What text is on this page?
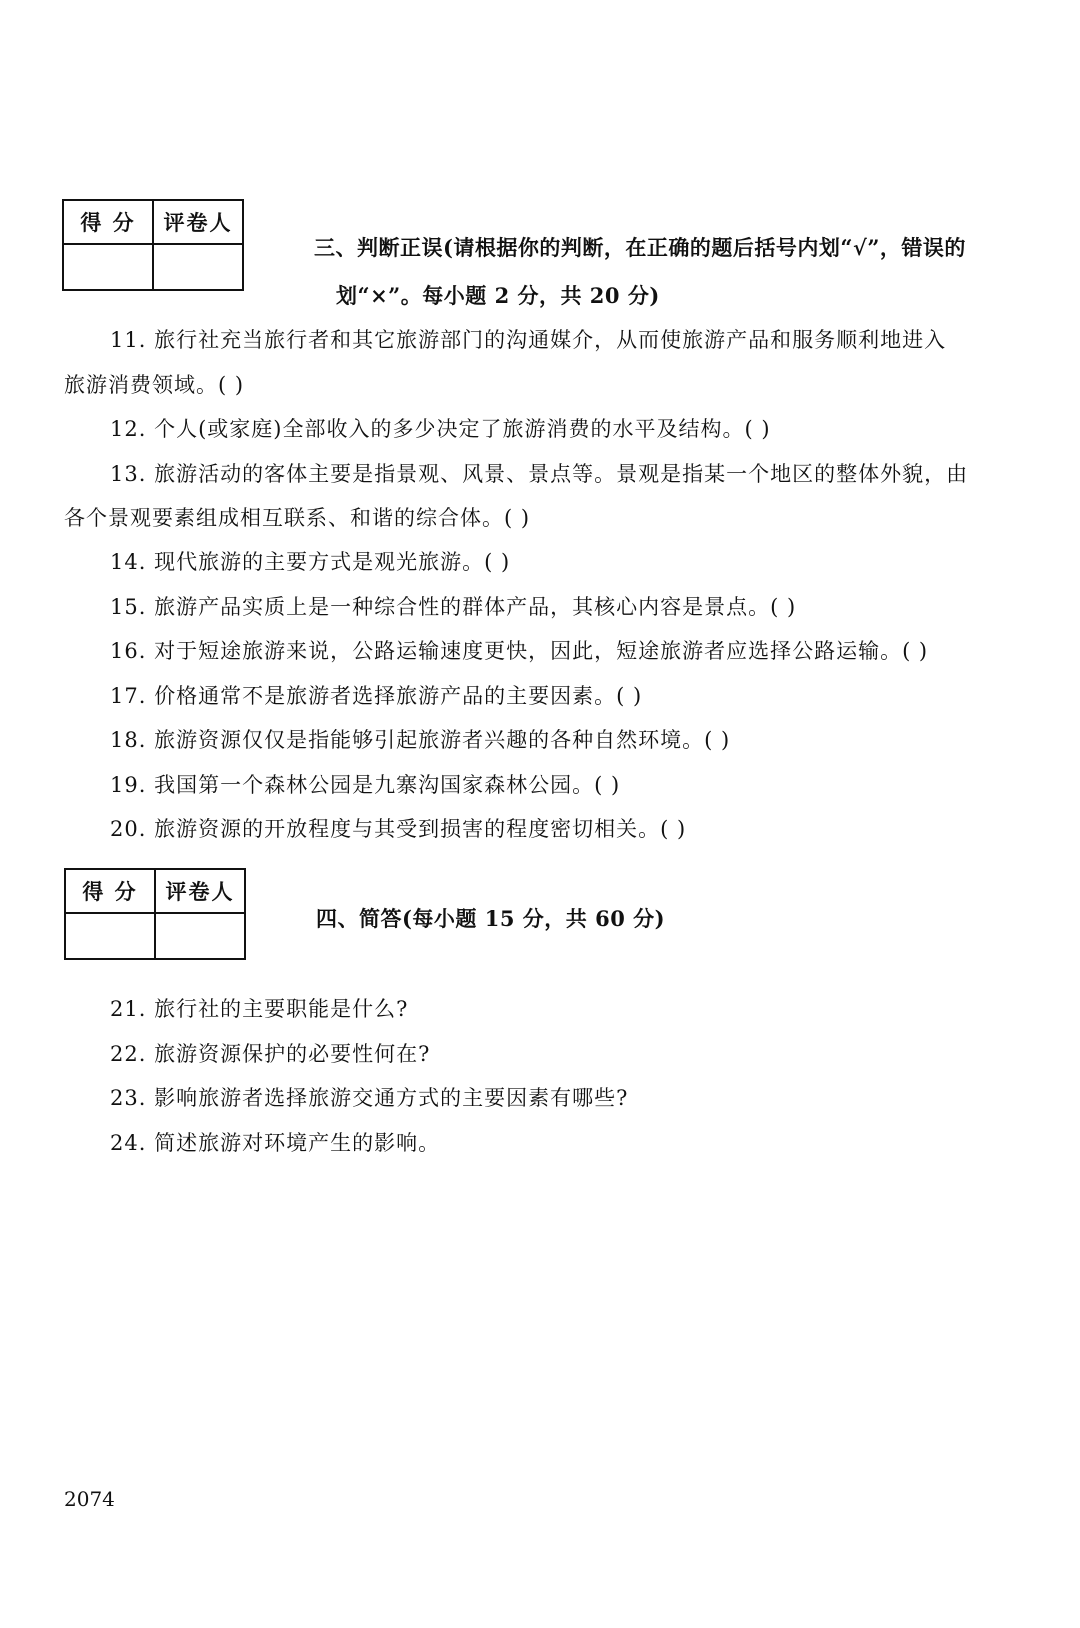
得 分	评卷人

三、判断正误(请根据你的判断，在正确的题后括号内划“√”，错误的
划“×”。每小题 2 分，共 20 分)
11. 旅行社充当旅行者和其它旅游部门的沟通媒介，从而使旅游产品和服务顺利地进入
旅游消费领域。( )
12. 个人(或家庭)全部收入的多少决定了旅游消费的水平及结构。( )
13. 旅游活动的客体主要是指景观、风景、景点等。景观是指某一个地区的整体外貌，由
各个景观要素组成相互联系、和谐的综合体。( )
14. 现代旅游的主要方式是观光旅游。( )
15. 旅游产品实质上是一种综合性的群体产品，其核心内容是景点。( )
16. 对于短途旅游来说，公路运输速度更快，因此，短途旅游者应选择公路运输。( )
17. 价格通常不是旅游者选择旅游产品的主要因素。( )
18. 旅游资源仅仅是指能够引起旅游者兴趣的各种自然环境。( )
19. 我国第一个森林公园是九寨沟国家森林公园。( )
20. 旅游资源的开放程度与其受到损害的程度密切相关。( )
得 分	评卷人

四、简答(每小题 15 分，共 60 分)
21. 旅行社的主要职能是什么?
22. 旅游资源保护的必要性何在?
23. 影响旅游者选择旅游交通方式的主要因素有哪些?
24. 简述旅游对环境产生的影响。
2074
